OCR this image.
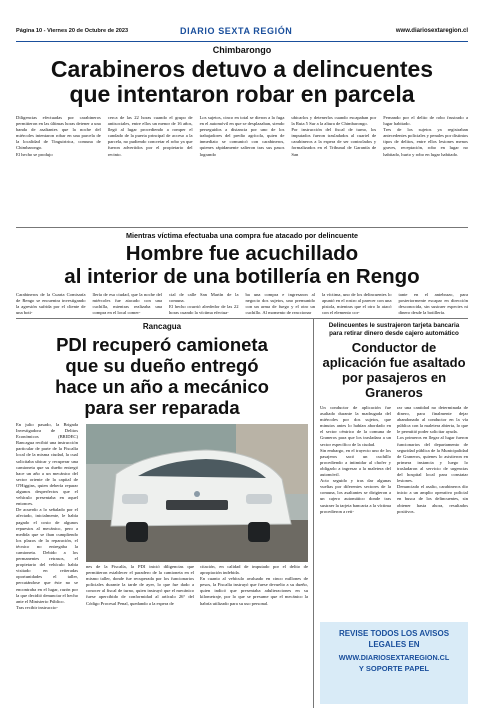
Página 10 - Viernes 20 de Octubre de 2023	DIARIO SEXTA REGIÓN	www.diariosextaregion.cl
Chimbarongo
Carabineros detuvo a delincuentes
que intentaron robar en parcela
Diligencias efectuadas por carabineros permitieron en las últimas horas detener a una banda de asaltantes que la noche del miércoles intentaron robar en una parcela de la localidad de Tinguiririca, comuna de Chimbarongo.
El hecho se produjo
cerca de las 22 horas cuando el grupo de antisociales, entre ellos un menor de 16 años, llegó al lugar procediendo a romper el candado de la puerta principal de acceso a la parcela, no pudiendo concretar el robo ya que fueron advertidos por el propietario del recinto.
Los sujetos, cinco en total se dieron a la fuga en el automóvil en que se desplazaban, siendo perseguidos a distancia por uno de los trabajadores del predio agrícola, quien de inmediato se comunicó con carabineros, quienes rápidamente salieron tras sus pasos logrando
ubicarlos y detenerlos cuando escapaban por la Ruta 5 Sur a la altura de Chimbarongo.
Por instrucción del fiscal de turno, los imputados fueron trasladados al cuartel de carabineros a la espera de ser controlados y formalizados en el Tribunal de Garantía de San
Fernando por el delito de robo frustrado a lugar habitado.
Tres de los sujetos ya registraban antecedentes policiales y penales por distintos tipos de delitos, entre ellos lesiones menos graves, receptación, robo en lugar no habitado, hurto y robo en lugar habitado.
Mientras víctima efectuaba una compra fue atacado por delincuente
Hombre fue acuchillado
al interior de una botillería en Rengo
Carabineros de la Cuarta Comisaría de Rengo se encuentra investigando la agresión sufrida por el cliente de una boti-
llería de esa ciudad, que la noche del miércoles fue atacado con una cuchilla, mientras realizaba una compra en el local comer-
cial de calle San Martín de la comuna.
El hecho ocurrió alrededor de las 22 horas cuando la víctima efectua-
ba una compra e ingresaron al negocio dos sujetos, uno premunido con un arma de fuego y el otro un cuchillo. Al momento de reaccionar
la víctima, uno de los delincuentes lo apuntó en el rostro al parecer con una pistola, mientras que el otro lo atacó con el elemento cor-
tante en el antebrazo, para posteriormente escapar en dirección desconocida, sin sustraer especies ni dinero desde la botillería.
Rancagua
PDI recuperó camioneta
que su dueño entregó
hace un año a mecánico
para ser reparada
En julio pasado, la Brigada Investigadora de Delitos Económicos (BRIDEC) Rancagua recibió una instrucción particular de parte de la Fiscalía local de la misma ciudad, la cual solicitaba ubicar y recuperar una camioneta que su dueño entregó hace un año a un mecánico del sector oriente de la capital de O'Higgins, quien debería reparar algunos desperfectos que el vehículo presentaba en aquel entonces.
De acuerdo a lo señalado por el afectado, inicialmente, le había pagado el costo de algunos repuestos al mecánico, pero a medida que se iban cumpliendo los plazos de la reparación, el técnico no entregaba la camioneta. Debido a los permanentes retrasos, el propietario del vehículo había visitado en reiteradas oportunidades el taller, percatándose que éste no se encontraba en el lugar, razón por la que decidió denunciar el hecho ante el Ministerio Público.
Tras recibir instruccio-
nes de la Fiscalía, la PDI inició diligencias que permitieron establecer el paradero de la camioneta en el mismo taller, donde fue recuperada por los funcionarios policiales durante la tarde de ayer, lo que fue dado a conocer al fiscal de turno, quien instruyó que el mecánico fuese apercibido de conformidad al artículo 26° del Código Procesal Penal, quedando a la espera de
citación, en calidad de imputado por el delito de apropiación indebida.
En cuanto al vehículo avaluado en cinco millones de pesos, la Fiscalía instruyó que fuese devuelto a su dueño, quien indicó que presentaba adulteraciones en su kilometraje, por lo que se presume que el mecánico la habría utilizado para su uso personal.
Delincuentes le sustrajeron tarjeta bancaria
para retirar dinero desde cajero automático
Conductor de
aplicación fue asaltado
por pasajeros en
Graneros
Un conductor de aplicación fue asaltado durante la madrugada del miércoles por dos sujetos, que minutos antes lo habían abordado en el sector céntrico de la comuna de Graneros para que los trasladara a un sector específico de la ciudad.
Sin embargo, en el trayecto uno de los pasajeros sacó un cuchillo procediendo a intimidar al chofer y obligarlo a ingresar a la maletera del automóvil.
Acto seguido y tras dar algunas vueltas por diferentes sectores de la comuna, los asaltantes se dirigieron a un cajero automático donde tras sustraer la tarjeta bancaria a la víctima procedieron a reti-
rar una cantidad no determinada de dinero, para finalmente dejar abandonado al conductor en la vía pública con la maletera abierta, lo que le permitió poder solicitar ayuda.
Los primeros en llegar al lugar fueron funcionarios del departamento de seguridad pública de la Municipalidad de Graneros, quienes lo asistieron en primera instancia y luego lo trasladaron al servicio de urgencias del hospital local para constatar lesiones.
Denunciado el asalto, carabineros dio inicio a un amplio operativo policial en busca de los delincuentes, sin obtener hasta ahora, resultados positivos.
REVISE TODOS LOS AVISOS
LEGALES EN
WWW.DIARIOSEXTAREGION.CL
Y SOPORTE PAPEL
